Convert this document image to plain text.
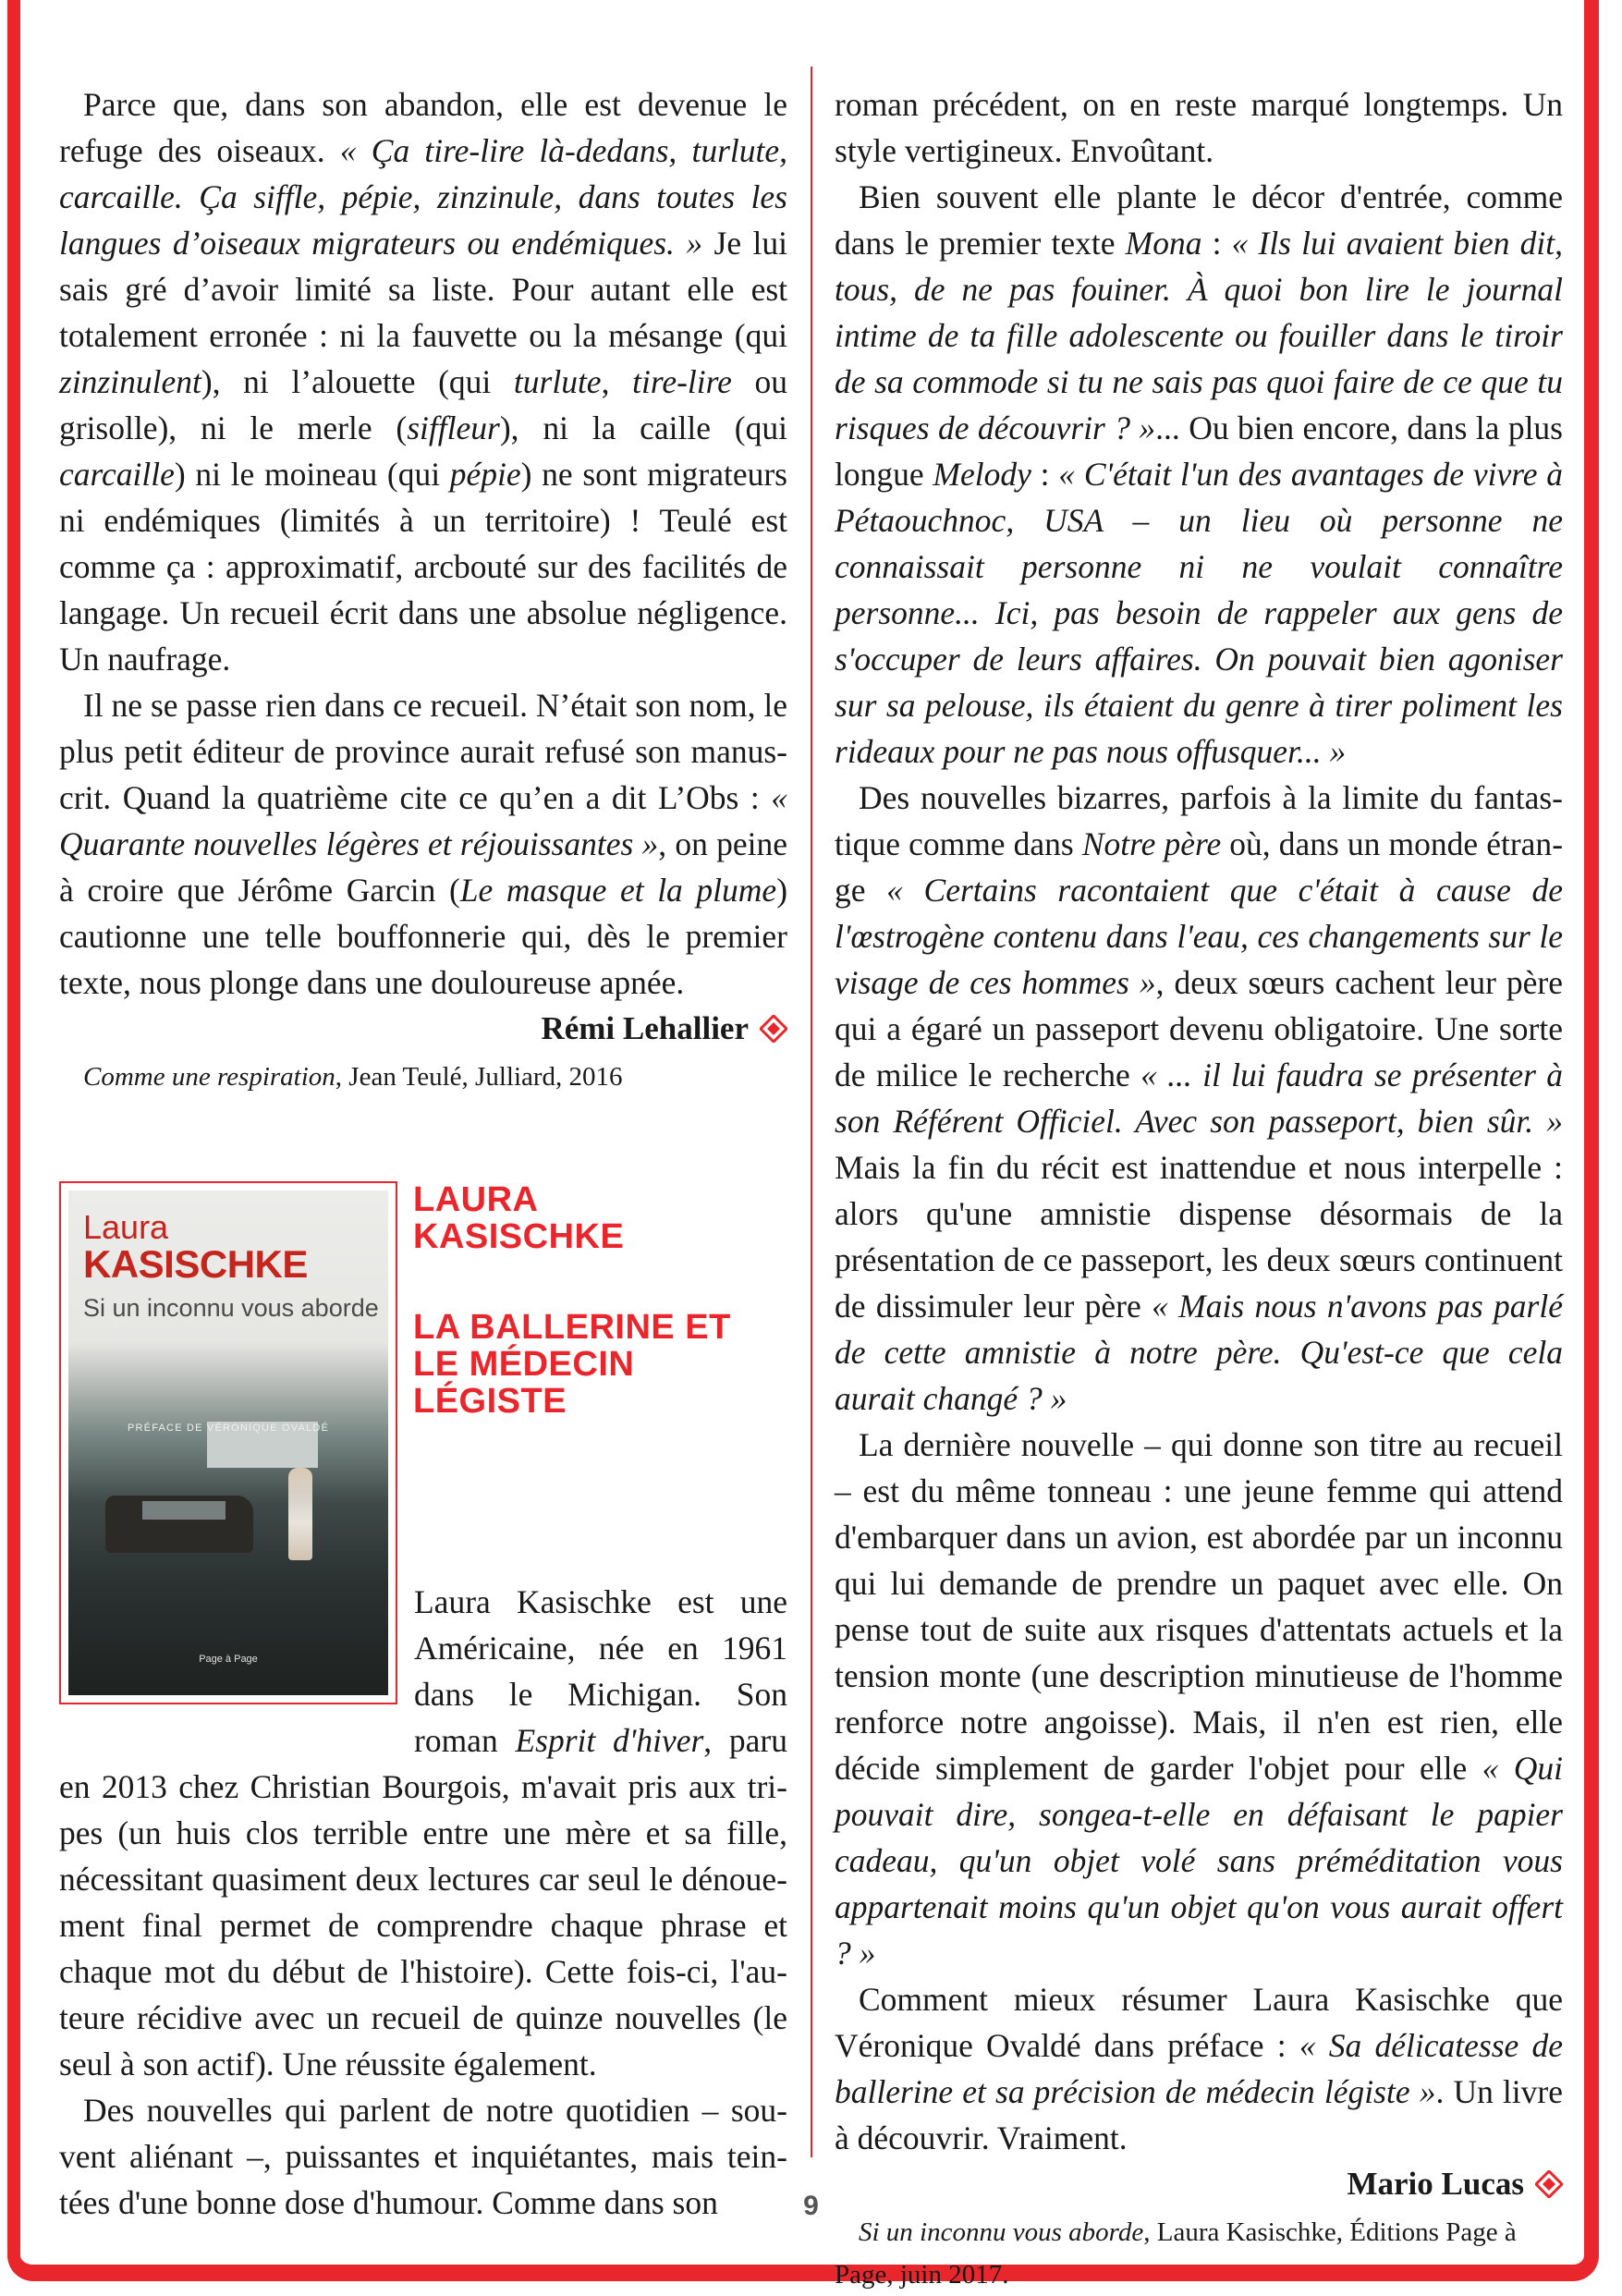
Parce que, dans son abandon, elle est devenue le refuge des oiseaux. « Ça tire-lire là-dedans, turlute, carcaille. Ça siffle, pépie, zinzinule, dans toutes les langues d’oiseaux migrateurs ou endémiques. » Je lui sais gré d’avoir limité sa liste. Pour autant elle est totalement erronée : ni la fauvette ou la mésange (qui zinzinulent), ni l’alouette (qui turlute, tire-lire ou grisolle), ni le merle (siffleur), ni la caille (qui carcaille) ni le moineau (qui pépie) ne sont migrateurs ni endémiques (limités à un territoire) ! Teulé est comme ça : approximatif, arcbouté sur des facilités de langage. Un recueil écrit dans une absolue négligence. Un naufrage.

Il ne se passe rien dans ce recueil. N’était son nom, le plus petit éditeur de province aurait refusé son manuscrit. Quand la quatrième cite ce qu’en a dit L’Obs : « Quarante nouvelles légères et réjouissantes », on peine à croire que Jérôme Garcin (Le masque et la plume) cautionne une telle bouffonnerie qui, dès le premier texte, nous plonge dans une douloureuse apnée.

Rémi Lehallier
Comme une respiration, Jean Teulé, Julliard, 2016
Laura
KASISCHKE
Si un inconnu vous aborde
PRÉFACE DE VÉRONIQUE OVALDÉ
Page à Page
LAURA
KASISCHKE
LA BALLERINE ET
LE MÉDECIN
LÉGISTE

Laura Kasischke est une Américaine, née en 1961 dans le Michigan. Son roman Esprit d'hiver, paru en 2013 chez Christian Bourgois, m'avait pris aux tripes (un huis clos terrible entre une mère et sa fille, nécessitant quasiment deux lectures car seul le dénouement final permet de comprendre chaque phrase et chaque mot du début de l'histoire). Cette fois-ci, l'auteure récidive avec un recueil de quinze nouvelles (le seul à son actif). Une réussite également.

Des nouvelles qui parlent de notre quotidien – souvent aliénant –, puissantes et inquiétantes, mais teintées d'une bonne dose d'humour. Comme dans son

roman précédent, on en reste marqué longtemps. Un style vertigineux. Envoûtant.

Bien souvent elle plante le décor d'entrée, comme dans le premier texte Mona : « Ils lui avaient bien dit, tous, de ne pas fouiner. À quoi bon lire le journal intime de ta fille adolescente ou fouiller dans le tiroir de sa commode si tu ne sais pas quoi faire de ce que tu risques de découvrir ? »... Ou bien encore, dans la plus longue Melody : « C'était l'un des avantages de vivre à Pétaouchnoc, USA – un lieu où personne ne connaissait personne ni ne voulait connaître personne... Ici, pas besoin de rappeler aux gens de s'occuper de leurs affaires. On pouvait bien agoniser sur sa pelouse, ils étaient du genre à tirer poliment les rideaux pour ne pas nous offusquer... »

Des nouvelles bizarres, parfois à la limite du fantastique comme dans Notre père où, dans un monde étrange « Certains racontaient que c'était à cause de l'œstrogène contenu dans l'eau, ces changements sur le visage de ces hommes », deux sœurs cachent leur père qui a égaré un passeport devenu obligatoire. Une sorte de milice le recherche « ... il lui faudra se présenter à son Référent Officiel. Avec son passeport, bien sûr. » Mais la fin du récit est inattendue et nous interpelle : alors qu'une amnistie dispense désormais de la présentation de ce passeport, les deux sœurs continuent de dissimuler leur père « Mais nous n'avons pas parlé de cette amnistie à notre père. Qu'est-ce que cela aurait changé ? »

La dernière nouvelle – qui donne son titre au recueil – est du même tonneau : une jeune femme qui attend d'embarquer dans un avion, est abordée par un inconnu qui lui demande de prendre un paquet avec elle. On pense tout de suite aux risques d'attentats actuels et la tension monte (une description minutieuse de l'homme renforce notre angoisse). Mais, il n'en est rien, elle décide simplement de garder l'objet pour elle « Qui pouvait dire, songea-t-elle en défaisant le papier cadeau, qu'un objet volé sans préméditation vous appartenait moins qu'un objet qu'on vous aurait offert ? »

Comment mieux résumer Laura Kasischke que Véronique Ovaldé dans préface : « Sa délicatesse de ballerine et sa précision de médecin légiste ». Un livre à découvrir. Vraiment.

Mario Lucas
Si un inconnu vous aborde, Laura Kasischke, Éditions Page à Page, juin 2017.
9
